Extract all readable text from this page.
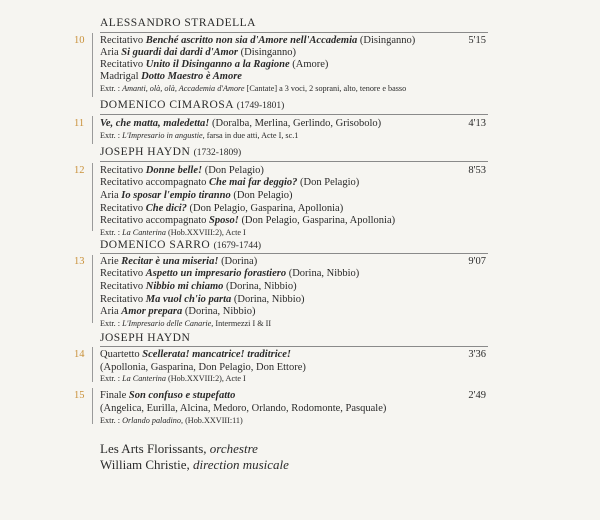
ALESSANDRO STRADELLA
10 Recitativo Benché ascritto non sia d'Amore nell'Accademia (Disinganno)	5'15
Aria Si guardi dai dardi d'Amor (Disinganno)
Recitativo Unito il Disinganno a la Ragione (Amore)
Madrigal Dotto Maestro è Amore
Extr. : Amanti, olà, olà, Accademia d'Amore [Cantate] a 3 voci, 2 soprani, alto, tenore e basso
DOMENICO CIMAROSA (1749-1801)
11 Ve, che matta, maledetta! (Doralba, Merlina, Gerlindo, Grisobolo)	4'13
Extr. : L'Impresario in angustie, farsa in due atti, Acte I, sc.1
JOSEPH HAYDN (1732-1809)
12 Recitativo Donne belle! (Don Pelagio)	8'53
Recitativo accompagnato Che mai far deggio? (Don Pelagio)
Aria Io sposar l'empio tiranno (Don Pelagio)
Recitativo Che dici? (Don Pelagio, Gasparina, Apollonia)
Recitativo accompagnato Sposo! (Don Pelagio, Gasparina, Apollonia)
Extr. : La Canterina (Hob.XXVIII:2), Acte I
DOMENICO SARRO (1679-1744)
13 Arie Recitar è una miseria! (Dorina)	9'07
Recitativo Aspetto un impresario forastiero (Dorina, Nibbio)
Recitativo Nibbio mi chiamo (Dorina, Nibbio)
Recitativo Ma vuol ch'io parta (Dorina, Nibbio)
Aria Amor prepara (Dorina, Nibbio)
Extr. : L'Impresario delle Canarie, Intermezzi I & II
JOSEPH HAYDN
14 Quartetto Scellerata! mancatrice! traditrice!	3'36
(Apollonia, Gasparina, Don Pelagio, Don Ettore)
Extr. : La Canterina (Hob.XXVIII:2), Acte I
15 Finale Son confuso e stupefatto	2'49
(Angelica, Eurilla, Alcina, Medoro, Orlando, Rodomonte, Pasquale)
Extr. : Orlando paladino, (Hob.XXVIII:11)
Les Arts Florissants, orchestre
William Christie, direction musicale
